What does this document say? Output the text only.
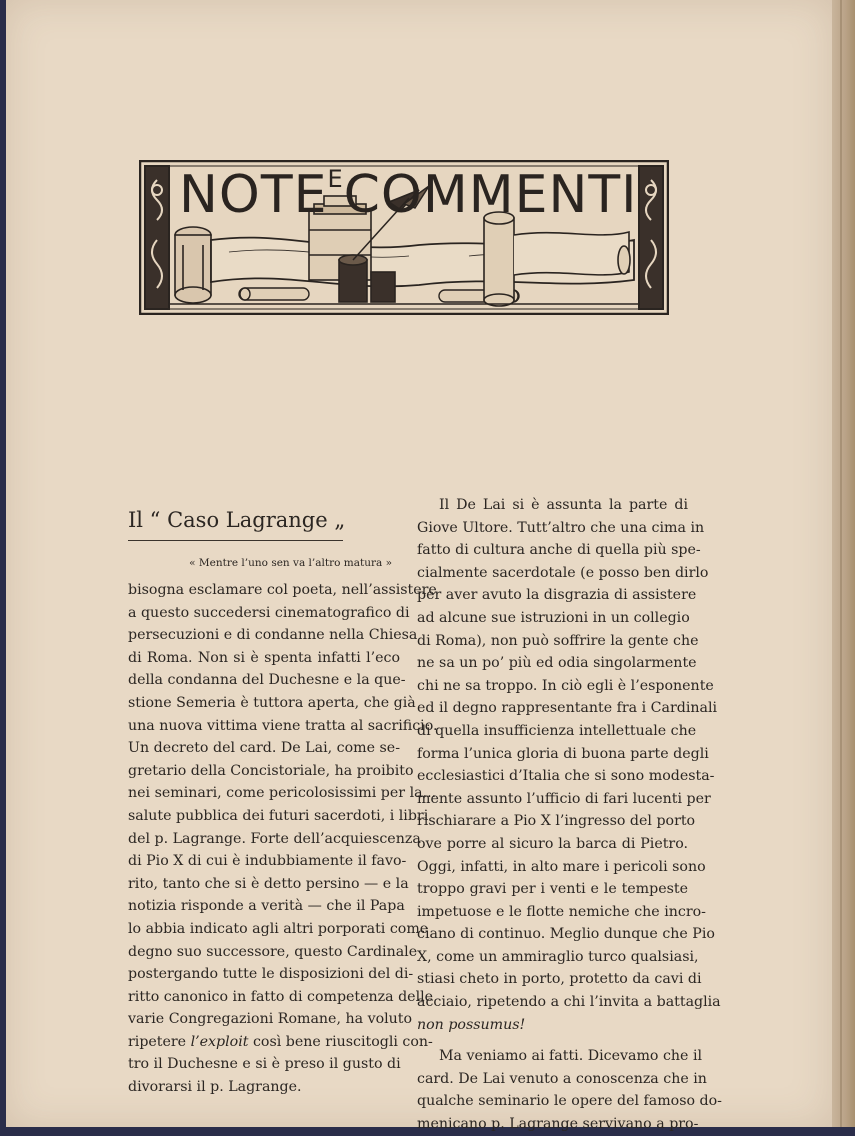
$NOTE^ECOMMENTI$
Il “ Caso Lagrange „
« Mentre l’uno sen va l’altro matura »
bisogna esclamare col poeta, nell’assistere
a questo succedersi cinematografico di
persecuzioni e di condanne nella Chiesa
di Roma. Non si è spenta infatti l’eco
della condanna del Duchesne e la que-
stione Semeria è tuttora aperta, che già
una nuova vittima viene tratta al sacrificio.
Un decreto del card. De Lai, come se-
gretario della Concistoriale, ha proibito
nei seminari, come pericolosissimi per la...
salute pubblica dei futuri sacerdoti, i libri
del p. Lagrange. Forte dell’acquiescenza
di Pio X di cui è indubbiamente il favo-
rito, tanto che si è detto persino — e la
notizia risponde a verità — che il Papa
lo abbia indicato agli altri porporati come
degno suo successore, questo Cardinale
postergando tutte le disposizioni del di-
ritto canonico in fatto di competenza delle
varie Congregazioni Romane, ha voluto
ripetere l’exploit così bene riuscitogli con-
tro il Duchesne e si è preso il gusto di
divorarsi il p. Lagrange.
Il De Lai si è assunta la parte di
Giove Ultore. Tutt’altro che una cima in
fatto di cultura anche di quella più spe-
cialmente sacerdotale (e posso ben dirlo
per aver avuto la disgrazia di assistere
ad alcune sue istruzioni in un collegio
di Roma), non può soffrire la gente che
ne sa un po’ più ed odia singolarmente
chi ne sa troppo. In ciò egli è l’esponente
ed il degno rappresentante fra i Cardinali
di quella insufficienza intellettuale che
forma l’unica gloria di buona parte degli
ecclesiastici d’Italia che si sono modesta-
mente assunto l’ufficio di fari lucenti per
rischiarare a Pio X l’ingresso del porto
ove porre al sicuro la barca di Pietro.
Oggi, infatti, in alto mare i pericoli sono
troppo gravi per i venti e le tempeste
impetuose e le flotte nemiche che incro-
ciano di continuo. Meglio dunque che Pio
X, come un ammiraglio turco qualsiasi,
stiasi cheto in porto, protetto da cavi di
acciaio, ripetendo a chi l’invita a battaglia
non possumus!
Ma veniamo ai fatti. Dicevamo che il
card. De Lai venuto a conoscenza che in
qualche seminario le opere del famoso do-
menicano p. Lagrange servivano a pro-
